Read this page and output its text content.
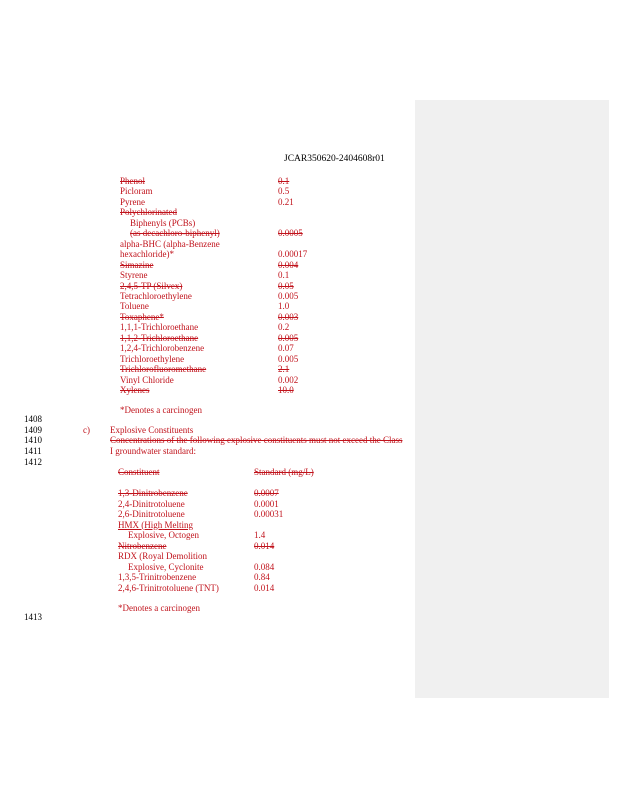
JCAR350620-2404608r01
Phenol	0.1
Picloram	0.5
Pyrene	0.21
Polychlorinated
Biphenyls (PCBs)
(as decachloro-biphenyl)	0.0005
alpha-BHC (alpha-Benzene
hexachloride)*	0.00017
Simazine	0.004
Styrene	0.1
2,4,5-TP (Silvex)	0.05
Tetrachloroethylene	0.005
Toluene	1.0
Toxaphene*	0.003
1,1,1-Trichloroethane	0.2
1,1,2-Trichloroethane	0.005
1,2,4-Trichlorobenzene	0.07
Trichloroethylene	0.005
Trichlorofluoromethane	2.1
Vinyl Chloride	0.002
Xylenes	10.0
*Denotes a carcinogen
1408
1409
1410
1411
1412
1413
c) Explosive Constituents
Concentrations of the following explosive constituents must not exceed the Class
I groundwater standard:
Constituent	Standard (mg/L)
1,3-Dinitrobenzene	0.0007
2,4-Dinitrotoluene	0.0001
2,6-Dinitrotoluene	0.00031
HMX (High Melting
Explosive, Octogen	1.4
Nitrobenzene	0.014
RDX (Royal Demolition
Explosive, Cyclonite	0.084
1,3,5-Trinitrobenzene	0.84
2,4,6-Trinitrotoluene (TNT)	0.014
*Denotes a carcinogen
